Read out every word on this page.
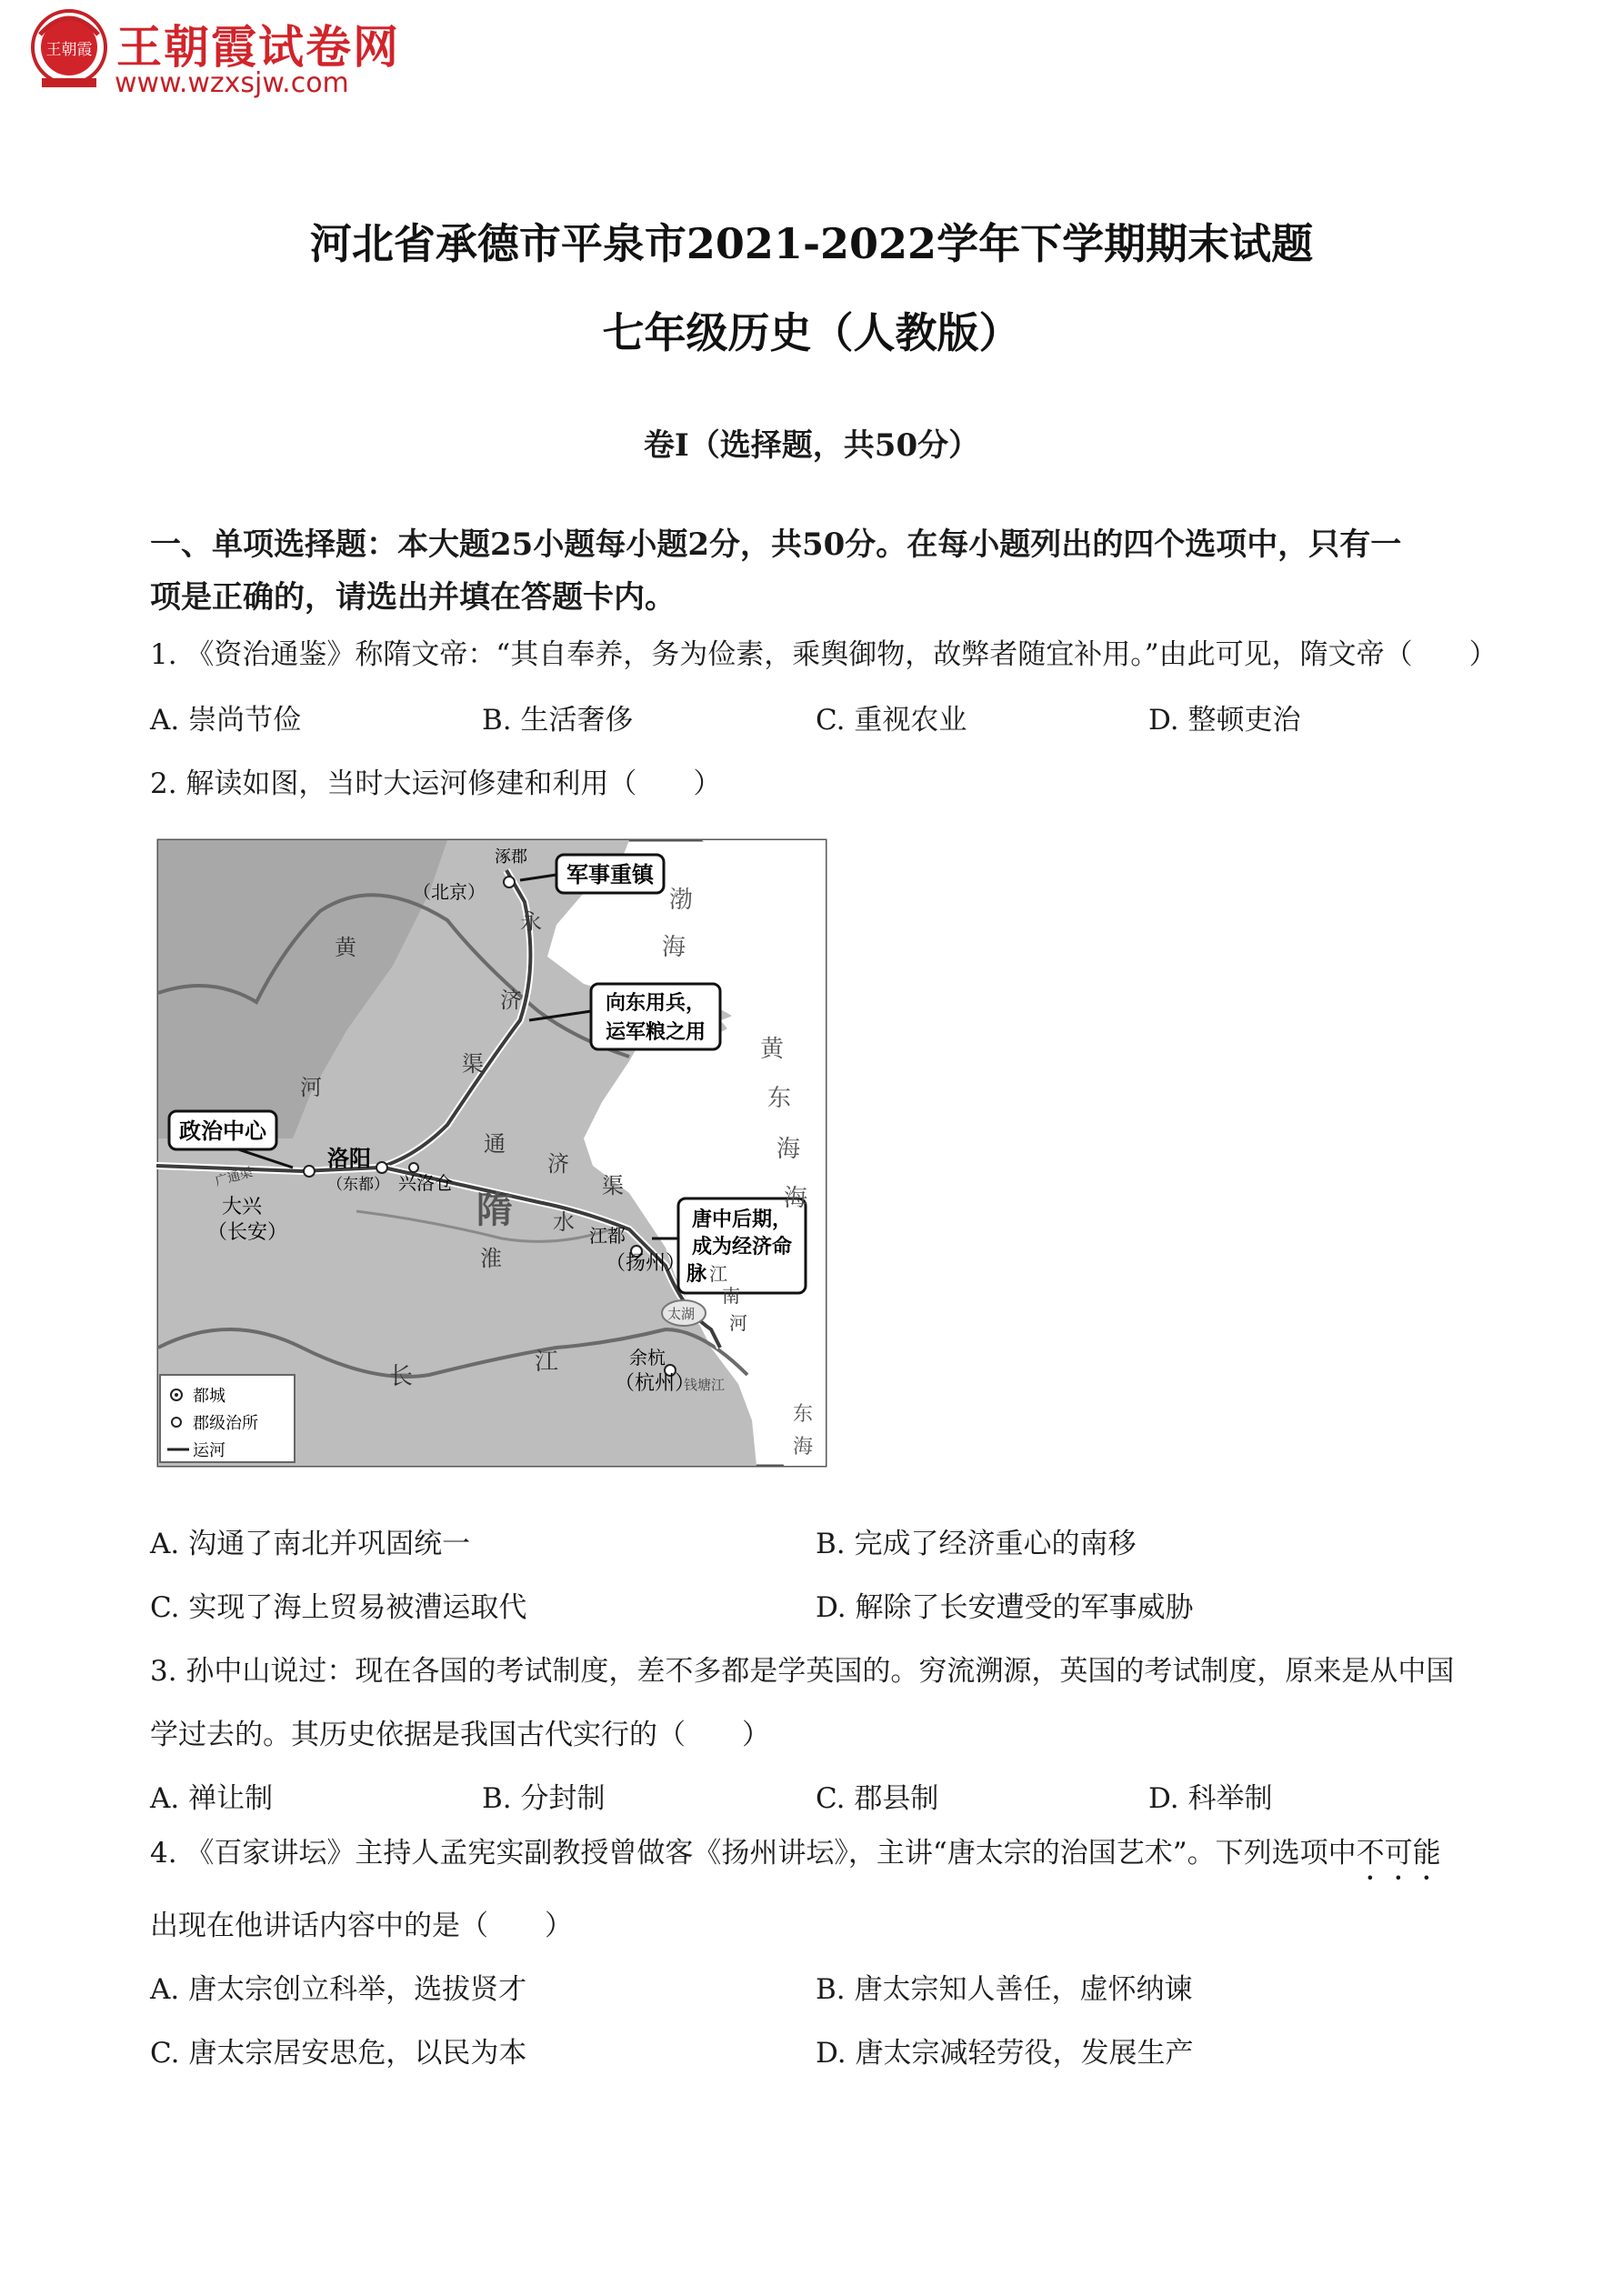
王朝霞 王朝霞试卷网
www.wzxsjw.com
河北省承德市平泉市2021-2022学年下学期期末试题
七年级历史（人教版）
卷I（选择题，共50分）
一、单项选择题：本大题25小题每小题2分，共50分。在每小题列出的四个选项中，只有一
项是正确的，请选出并填在答题卡内。
1. 《资治通鉴》称隋文帝：“其自奉养，务为俭素，乘舆御物，故弊者随宜补用。”由此可见，隋文帝（　　）
A. 崇尚节俭	B. 生活奢侈	C. 重视农业	D. 整顿吏治
2. 解读如图，当时大运河修建和利用（　　）
军事重镇
向东用兵，
运军粮之用
政治中心
唐中后期，
成为经济命
脉
涿郡
（北京）
洛阳
（东都） 兴洛仓
大兴
（长安）	江都
（扬州）
余杭
（杭州）
隋
太湖
钱塘江
广通渠
黄
河
永
济
渠
通
济
渠
淮
水
长
江
江
南
河
渤
海
黄
东
海
海
东
海
都城
郡级治所
运河
A. 沟通了南北并巩固统一	B. 完成了经济重心的南移
C. 实现了海上贸易被漕运取代	D. 解除了长安遭受的军事威胁
3. 孙中山说过：现在各国的考试制度，差不多都是学英国的。穷流溯源，英国的考试制度，原来是从中国
学过去的。其历史依据是我国古代实行的（　　）
A. 禅让制	B. 分封制	C. 郡县制	D. 科举制
4. 《百家讲坛》主持人孟宪实副教授曾做客《扬州讲坛》，主讲“唐太宗的治国艺术”。下列选项中不可能
出现在他讲话内容中的是（　　）
A. 唐太宗创立科举，选拔贤才	B. 唐太宗知人善任，虚怀纳谏
C. 唐太宗居安思危，以民为本	D. 唐太宗减轻劳役，发展生产
